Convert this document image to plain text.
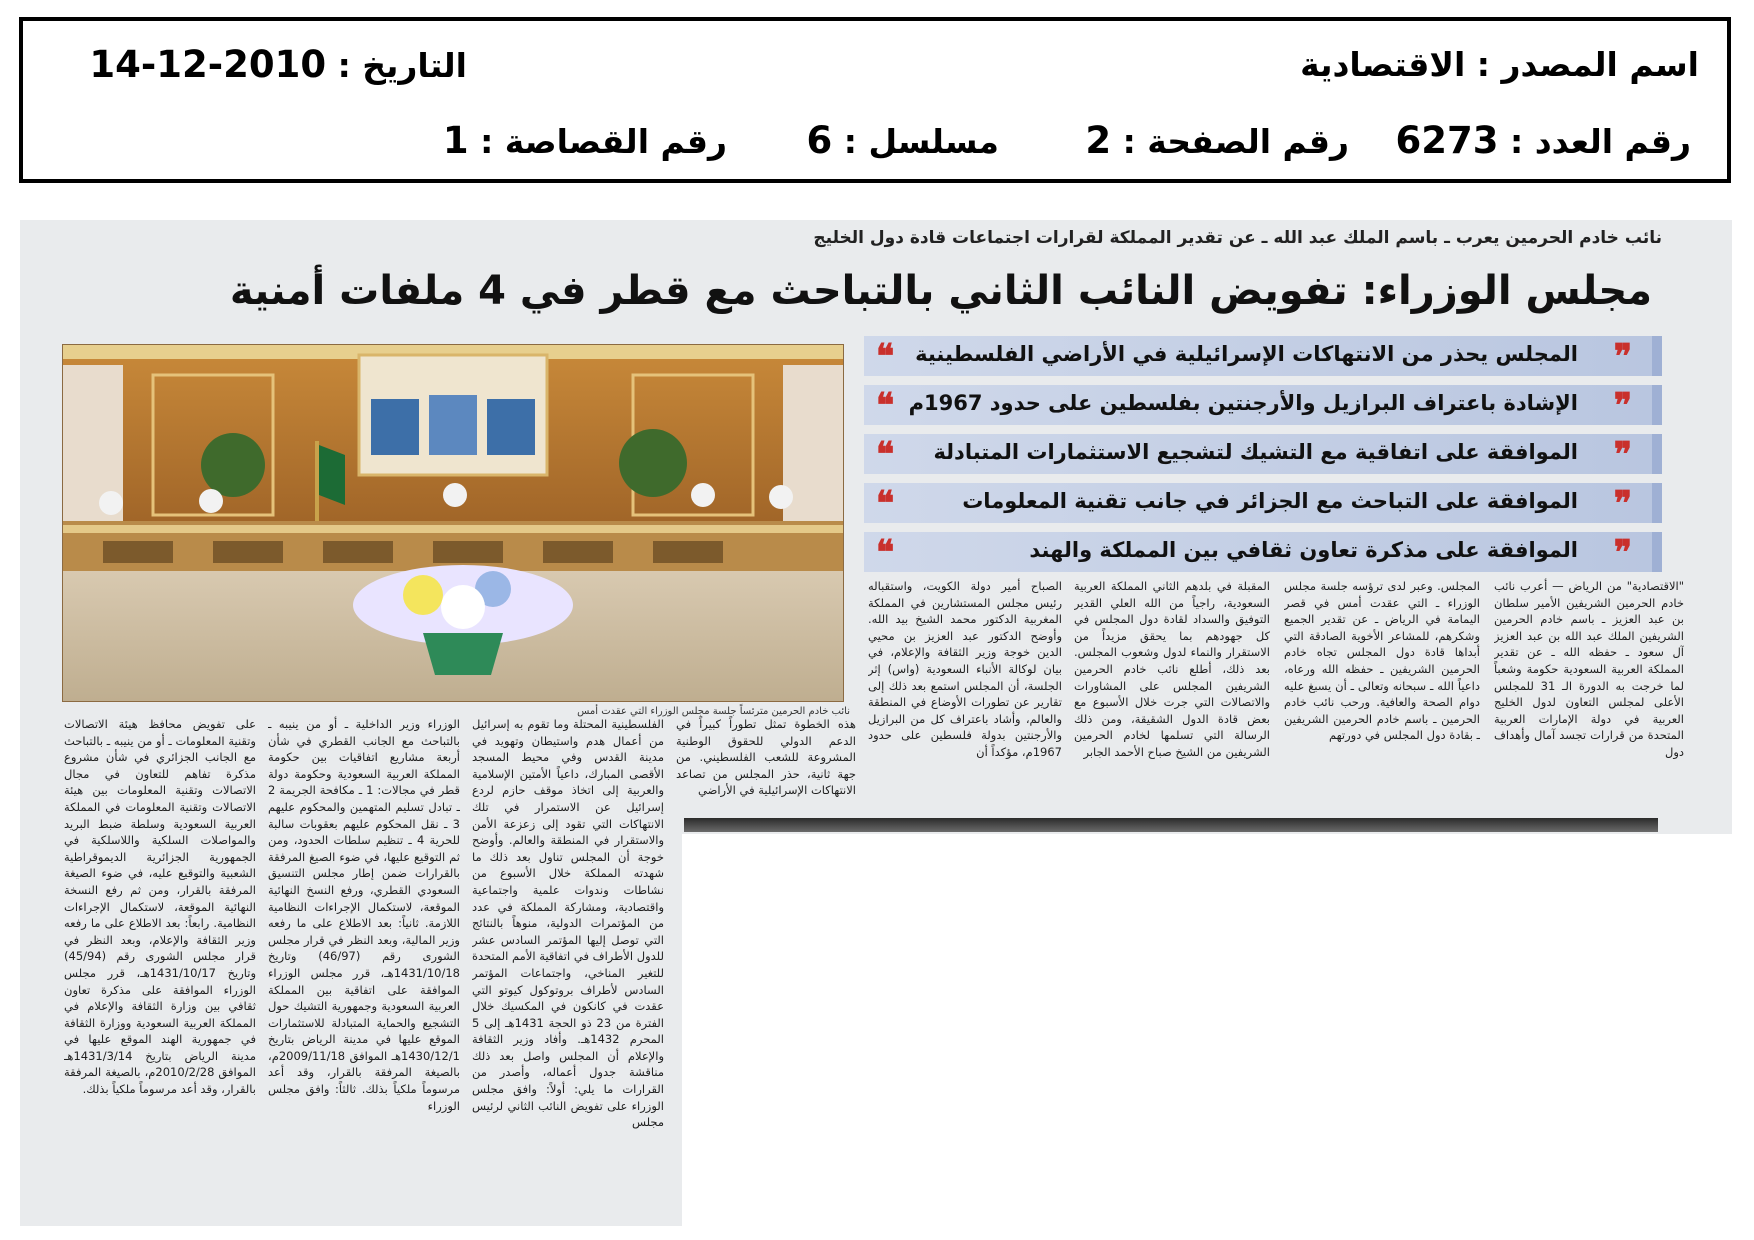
اسم المصدر : الاقتصادية
التاريخ : 2010-12-14
رقم العدد : 6273
رقم الصفحة : 2
مسلسل : 6
رقم القصاصة : 1
نائب خادم الحرمين يعرب ـ باسم الملك عبد الله ـ عن تقدير المملكة لقرارات اجتماعات قادة دول الخليج
مجلس الوزراء: تفويض النائب الثاني بالتباحث مع قطر في 4 ملفات أمنية
نائب خادم الحرمين مترئساً جلسة مجلس الوزراء التي عقدت أمس
❞
المجلس يحذر من الانتهاكات الإسرائيلية في الأراضي الفلسطينية
❝
❞
الإشادة باعتراف البرازيل والأرجنتين بفلسطين على حدود 1967م
❝
❞
الموافقة على اتفاقية مع التشيك لتشجيع الاستثمارات المتبادلة
❝
❞
الموافقة على التباحث مع الجزائر في جانب تقنية المعلومات
❝
❞
الموافقة على مذكرة تعاون ثقافي بين المملكة والهند
❝

"الاقتصادية" من الرياض — أعرب نائب خادم الحرمين الشريفين الأمير سلطان بن عبد العزيز ـ باسم خادم الحرمين الشريفين الملك عبد الله بن عبد العزيز آل سعود ـ حفظه الله ـ عن تقدير المملكة العربية السعودية حكومة وشعباً لما خرجت به الدورة الـ 31 للمجلس الأعلى لمجلس التعاون لدول الخليج العربية في دولة الإمارات العربية المتحدة من قرارات تجسد آمال وأهداف دول

المجلس. وعبر لدى ترؤسه جلسة مجلس الوزراء ـ التي عقدت أمس في قصر اليمامة في الرياض ـ عن تقدير الجميع وشكرهم، للمشاعر الأخوية الصادقة التي أبداها قادة دول المجلس تجاه خادم الحرمين الشريفين ـ حفظه الله ورعاه، داعياً الله ـ سبحانه وتعالى ـ أن يسبغ عليه دوام الصحة والعافية. ورحب نائب خادم الحرمين ـ باسم خادم الحرمين الشريفين ـ بقادة دول المجلس في دورتهم

المقبلة في بلدهم الثاني المملكة العربية السعودية، راجياً من الله العلي القدير التوفيق والسداد لقادة دول المجلس في كل جهودهم بما يحقق مزيداً من الاستقرار والنماء لدول وشعوب المجلس. بعد ذلك، أطلع نائب خادم الحرمين الشريفين المجلس على المشاورات والاتصالات التي جرت خلال الأسبوع مع بعض قادة الدول الشقيقة، ومن ذلك الرسالة التي تسلمها لخادم الحرمين الشريفين من الشيخ صباح الأحمد الجابر

الصباح أمير دولة الكويت، واستقباله رئيس مجلس المستشارين في المملكة المغربية الدكتور محمد الشيخ بيد الله. وأوضح الدكتور عبد العزيز بن محيي الدين خوجة وزير الثقافة والإعلام، في بيان لوكالة الأنباء السعودية (واس) إثر الجلسة، أن المجلس استمع بعد ذلك إلى تقارير عن تطورات الأوضاع في المنطقة والعالم، وأشاد باعتراف كل من البرازيل والأرجنتين بدولة فلسطين على حدود 1967م، مؤكداً أن

هذه الخطوة تمثل تطوراً كبيراً في الدعم الدولي للحقوق الوطنية المشروعة للشعب الفلسطيني. من جهة ثانية، حذر المجلس من تصاعد الانتهاكات الإسرائيلية في الأراضي

الفلسطينية المحتلة وما تقوم به إسرائيل من أعمال هدم واستيطان وتهويد في مدينة القدس وفي محيط المسجد الأقصى المبارك، داعياً الأمتين الإسلامية والعربية إلى اتخاذ موقف حازم لردع إسرائيل عن الاستمرار في تلك الانتهاكات التي تقود إلى زعزعة الأمن والاستقرار في المنطقة والعالم. وأوضح خوجة أن المجلس تناول بعد ذلك ما شهدته المملكة خلال الأسبوع من نشاطات وندوات علمية واجتماعية واقتصادية، ومشاركة المملكة في عدد من المؤتمرات الدولية، منوهاً بالنتائج التي توصل إليها المؤتمر السادس عشر للدول الأطراف في اتفاقية الأمم المتحدة للتغير المناخي، واجتماعات المؤتمر السادس لأطراف بروتوكول كيوتو التي عقدت في كانكون في المكسيك خلال الفترة من 23 ذو الحجة 1431هـ إلى 5 المحرم 1432هـ. وأفاد وزير الثقافة والإعلام أن المجلس واصل بعد ذلك مناقشة جدول أعماله، وأصدر من القرارات ما يلي: أولاً: وافق مجلس الوزراء على تفويض النائب الثاني لرئيس مجلس

الوزراء وزير الداخلية ـ أو من ينيبه ـ بالتباحث مع الجانب القطري في شأن أربعة مشاريع اتفاقيات بين حكومة المملكة العربية السعودية وحكومة دولة قطر في مجالات: 1 ـ مكافحة الجريمة 2 ـ تبادل تسليم المتهمين والمحكوم عليهم 3 ـ نقل المحكوم عليهم بعقوبات سالبة للحرية 4 ـ تنظيم سلطات الحدود، ومن ثم التوقيع عليها، في ضوء الصيغ المرفقة بالقرارات ضمن إطار مجلس التنسيق السعودي القطري، ورفع النسخ النهائية الموقعة، لاستكمال الإجراءات النظامية اللازمة. ثانياً: بعد الاطلاع على ما رفعه وزير المالية، وبعد النظر في قرار مجلس الشورى رقم (46/97) وتاريخ 1431/10/18هـ، قرر مجلس الوزراء الموافقة على اتفاقية بين المملكة العربية السعودية وجمهورية التشيك حول التشجيع والحماية المتبادلة للاستثمارات الموقع عليها في مدينة الرياض بتاريخ 1430/12/1هـ الموافق 2009/11/18م، بالصيغة المرفقة بالقرار، وقد أعد مرسوماً ملكياً بذلك. ثالثاً: وافق مجلس الوزراء

على تفويض محافظ هيئة الاتصالات وتقنية المعلومات ـ أو من ينيبه ـ بالتباحث مع الجانب الجزائري في شأن مشروع مذكرة تفاهم للتعاون في مجال الاتصالات وتقنية المعلومات بين هيئة الاتصالات وتقنية المعلومات في المملكة العربية السعودية وسلطة ضبط البريد والمواصلات السلكية واللاسلكية في الجمهورية الجزائرية الديموقراطية الشعبية والتوقيع عليه، في ضوء الصيغة المرفقة بالقرار، ومن ثم رفع النسخة النهائية الموقعة، لاستكمال الإجراءات النظامية. رابعاً: بعد الاطلاع على ما رفعه وزير الثقافة والإعلام، وبعد النظر في قرار مجلس الشورى رقم (45/94) وتاريخ 1431/10/17هـ، قرر مجلس الوزراء الموافقة على مذكرة تعاون ثقافي بين وزارة الثقافة والإعلام في المملكة العربية السعودية ووزارة الثقافة في جمهورية الهند الموقع عليها في مدينة الرياض بتاريخ 1431/3/14هـ الموافق 2010/2/28م، بالصيغة المرفقة بالقرار، وقد أعد مرسوماً ملكياً بذلك.
